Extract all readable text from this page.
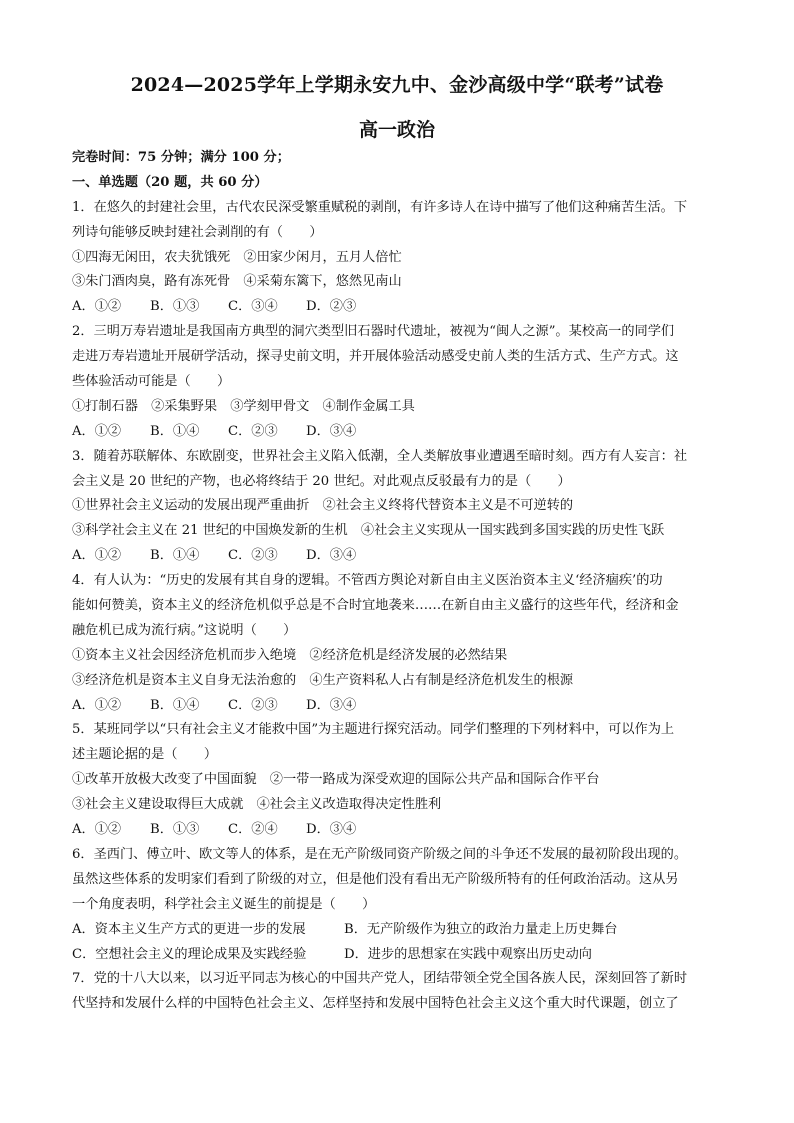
2024—2025学年上学期永安九中、金沙高级中学“联考”试卷
高一政治
完卷时间：75 分钟；满分 100 分；
一、单选题（20 题，共 60 分）
1．在悠久的封建社会里，古代农民深受繁重赋税的剥削，有许多诗人在诗中描写了他们这种痛苦生活。下
列诗句能够反映封建社会剥削的有（　　）
①四海无闲田，农夫犹饿死　②田家少闲月，五月人倍忙
③朱门酒肉臭，路有冻死骨　④采菊东篱下，悠然见南山
A．①②	B．①③	C．③④	D．②③
2．三明万寿岩遗址是我国南方典型的洞穴类型旧石器时代遗址，被视为“闽人之源”。某校高一的同学们
走进万寿岩遗址开展研学活动，探寻史前文明，并开展体验活动感受史前人类的生活方式、生产方式。这
些体验活动可能是（　　）
①打制石器　②采集野果　③学刻甲骨文　④制作金属工具
A．①②	B．①④	C．②③	D．③④
3．随着苏联解体、东欧剧变，世界社会主义陷入低潮，全人类解放事业遭遇至暗时刻。西方有人妄言：社
会主义是 20 世纪的产物，也必将终结于 20 世纪。对此观点反驳最有力的是（　　）
①世界社会主义运动的发展出现严重曲折　②社会主义终将代替资本主义是不可逆转的
③科学社会主义在 21 世纪的中国焕发新的生机　④社会主义实现从一国实践到多国实践的历史性飞跃
A．①②	B．①④	C．②③	D．③④
4．有人认为：“历史的发展有其自身的逻辑。不管西方舆论对新自由主义医治资本主义‘经济痼疾’的功
能如何赞美，资本主义的经济危机似乎总是不合时宜地袭来……在新自由主义盛行的这些年代，经济和金
融危机已成为流行病。”这说明（　　）
①资本主义社会因经济危机而步入绝境　②经济危机是经济发展的必然结果
③经济危机是资本主义自身无法治愈的　④生产资料私人占有制是经济危机发生的根源
A．①②	B．①④	C．②③	D．③④
5．某班同学以“只有社会主义才能救中国”为主题进行探究活动。同学们整理的下列材料中，可以作为上
述主题论据的是（　　）
①改革开放极大改变了中国面貌　②一带一路成为深受欢迎的国际公共产品和国际合作平台
③社会主义建设取得巨大成就　④社会主义改造取得决定性胜利
A．①②	B．①③	C．②④	D．③④
6．圣西门、傅立叶、欧文等人的体系，是在无产阶级同资产阶级之间的斗争还不发展的最初阶段出现的。
虽然这些体系的发明家们看到了阶级的对立，但是他们没有看出无产阶级所特有的任何政治活动。这从另
一个角度表明，科学社会主义诞生的前提是（　　）
A．资本主义生产方式的更进一步的发展	B．无产阶级作为独立的政治力量走上历史舞台
C．空想社会主义的理论成果及实践经验	D．进步的思想家在实践中观察出历史动向
7．党的十八大以来，以习近平同志为核心的中国共产党人，团结带领全党全国各族人民，深刻回答了新时
代坚持和发展什么样的中国特色社会主义、怎样坚持和发展中国特色社会主义这个重大时代课题，创立了
